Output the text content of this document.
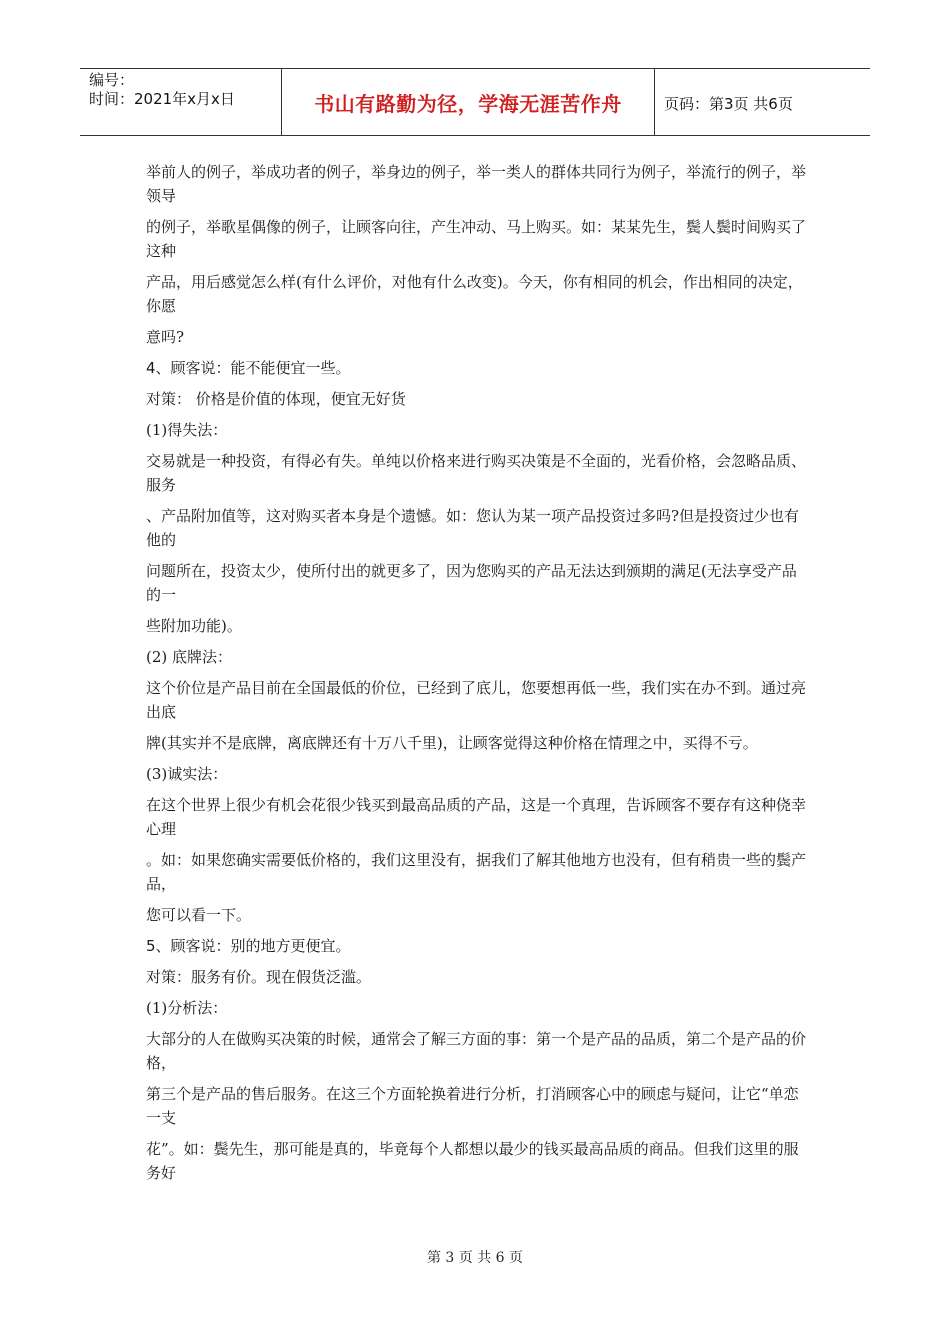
编号：
时间：2021年x月x日	书山有路勤为径，学海无涯苦作舟	页码：第3页 共6页

举前人的例子，举成功者的例子，举身边的例子，举一类人的群体共同行为例子，举流行的例子，举领导

的例子，举歌星偶像的例子，让顾客向往，产生冲动、马上购买。如：某某先生，鬓人鬓时间购买了这种

产品，用后感觉怎么样(有什么评价，对他有什么改变)。今天，你有相同的机会，作出相同的决定，你愿

意吗?

4、顾客说：能不能便宜一些。

对策： 价格是价值的体现，便宜无好货

(1)得失法：

交易就是一种投资，有得必有失。单纯以价格来进行购买决策是不全面的，光看价格，会忽略品质、服务

、产品附加值等，这对购买者本身是个遗憾。如：您认为某一项产品投资过多吗?但是投资过少也有他的

问题所在，投资太少，使所付出的就更多了，因为您购买的产品无法达到颁期的满足(无法享受产品的一

些附加功能)。

(2) 底牌法：

这个价位是产品目前在全国最低的价位，已经到了底儿，您要想再低一些，我们实在办不到。通过亮出底

牌(其实并不是底牌，离底牌还有十万八千里)，让顾客觉得这种价格在情理之中，买得不亏。

(3)诚实法：

在这个世界上很少有机会花很少钱买到最高品质的产品，这是一个真理，告诉顾客不要存有这种侥幸心理

。如：如果您确实需要低价格的，我们这里没有，据我们了解其他地方也没有，但有稍贵一些的鬓产品，

您可以看一下。

5、顾客说：别的地方更便宜。

对策：服务有价。现在假货泛滥。

(1)分析法：

大部分的人在做购买决策的时候，通常会了解三方面的事：第一个是产品的品质，第二个是产品的价格，

第三个是产品的售后服务。在这三个方面轮换着进行分析，打消顾客心中的顾虑与疑问，让它“单恋一支

花”。如：鬓先生，那可能是真的，毕竟每个人都想以最少的钱买最高品质的商品。但我们这里的服务好

第 3 页 共 6 页
